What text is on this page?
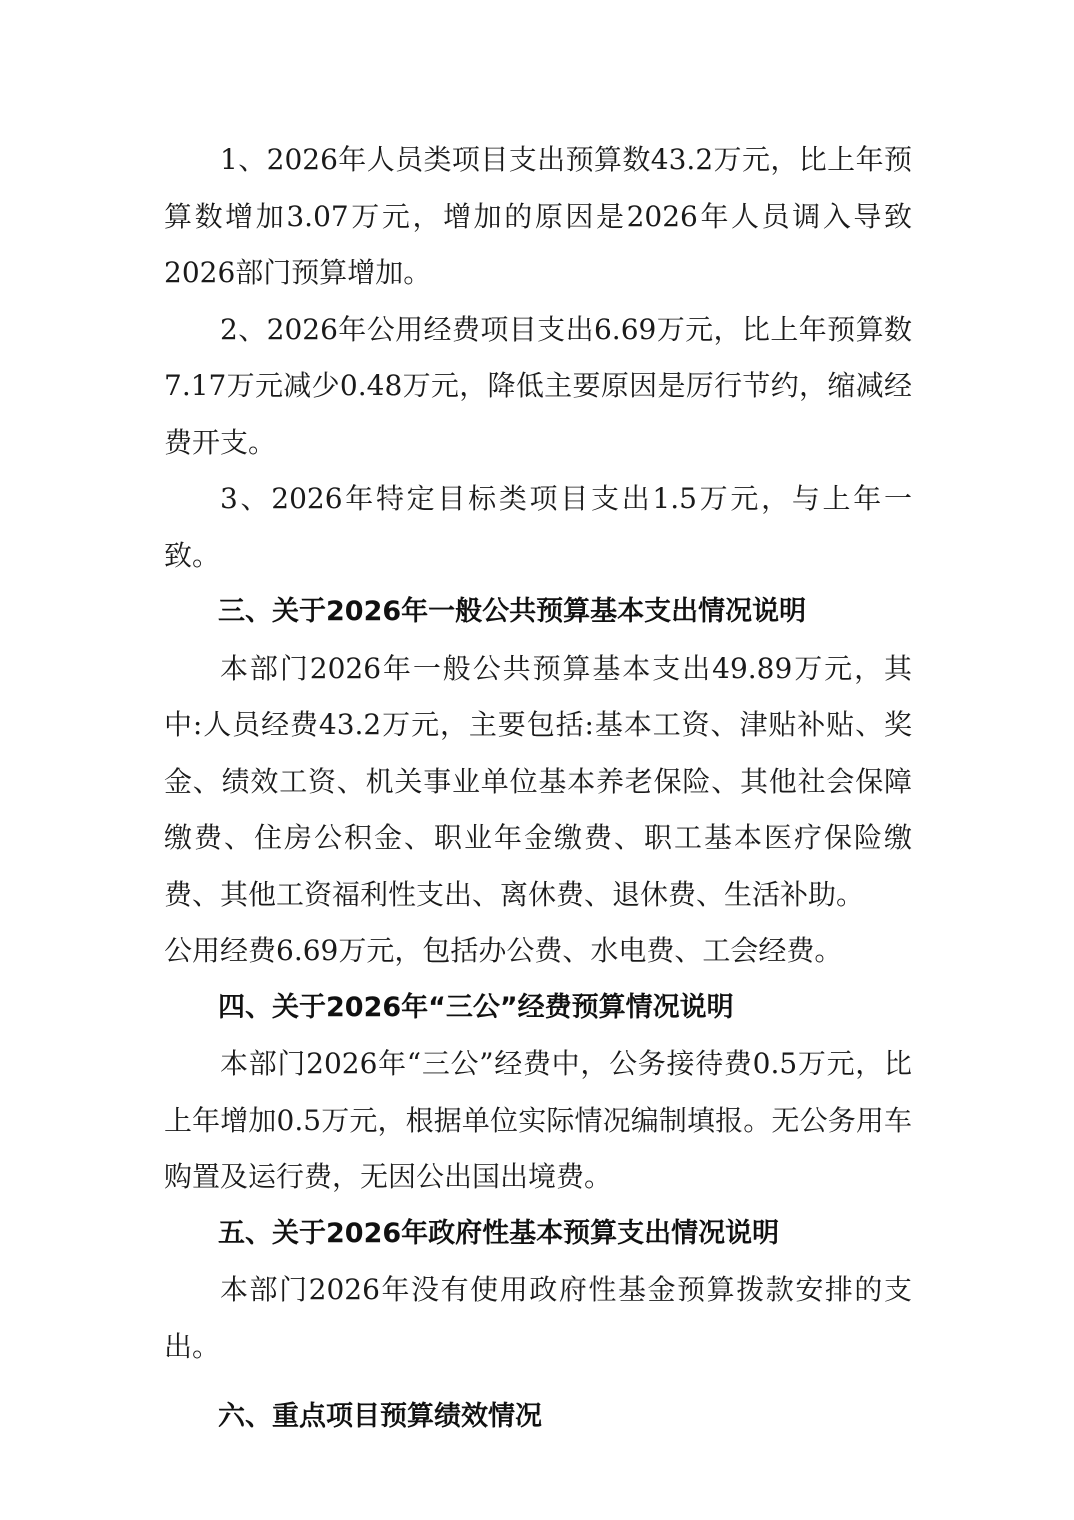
1、2026年人员类项目支出预算数43.2万元，比上年预算数增加3.07万元，增加的原因是2026年人员调入导致2026部门预算增加。

2、2026年公用经费项目支出6.69万元，比上年预算数7.17万元减少0.48万元，降低主要原因是厉行节约，缩减经费开支。

3、2026年特定目标类项目支出1.5万元，与上年一致。

三、关于2026年一般公共预算基本支出情况说明

本部门2026年一般公共预算基本支出49.89万元，其中:人员经费43.2万元，主要包括:基本工资、津贴补贴、奖金、绩效工资、机关事业单位基本养老保险、其他社会保障缴费、住房公积金、职业年金缴费、职工基本医疗保险缴费、其他工资福利性支出、离休费、退休费、生活补助。

公用经费6.69万元，包括办公费、水电费、工会经费。

四、关于2026年“三公”经费预算情况说明

本部门2026年“三公”经费中，公务接待费0.5万元，比上年增加0.5万元，根据单位实际情况编制填报。无公务用车购置及运行费，无因公出国出境费。

五、关于2026年政府性基本预算支出情况说明

本部门2026年没有使用政府性基金预算拨款安排的支出。

六、重点项目预算绩效情况
